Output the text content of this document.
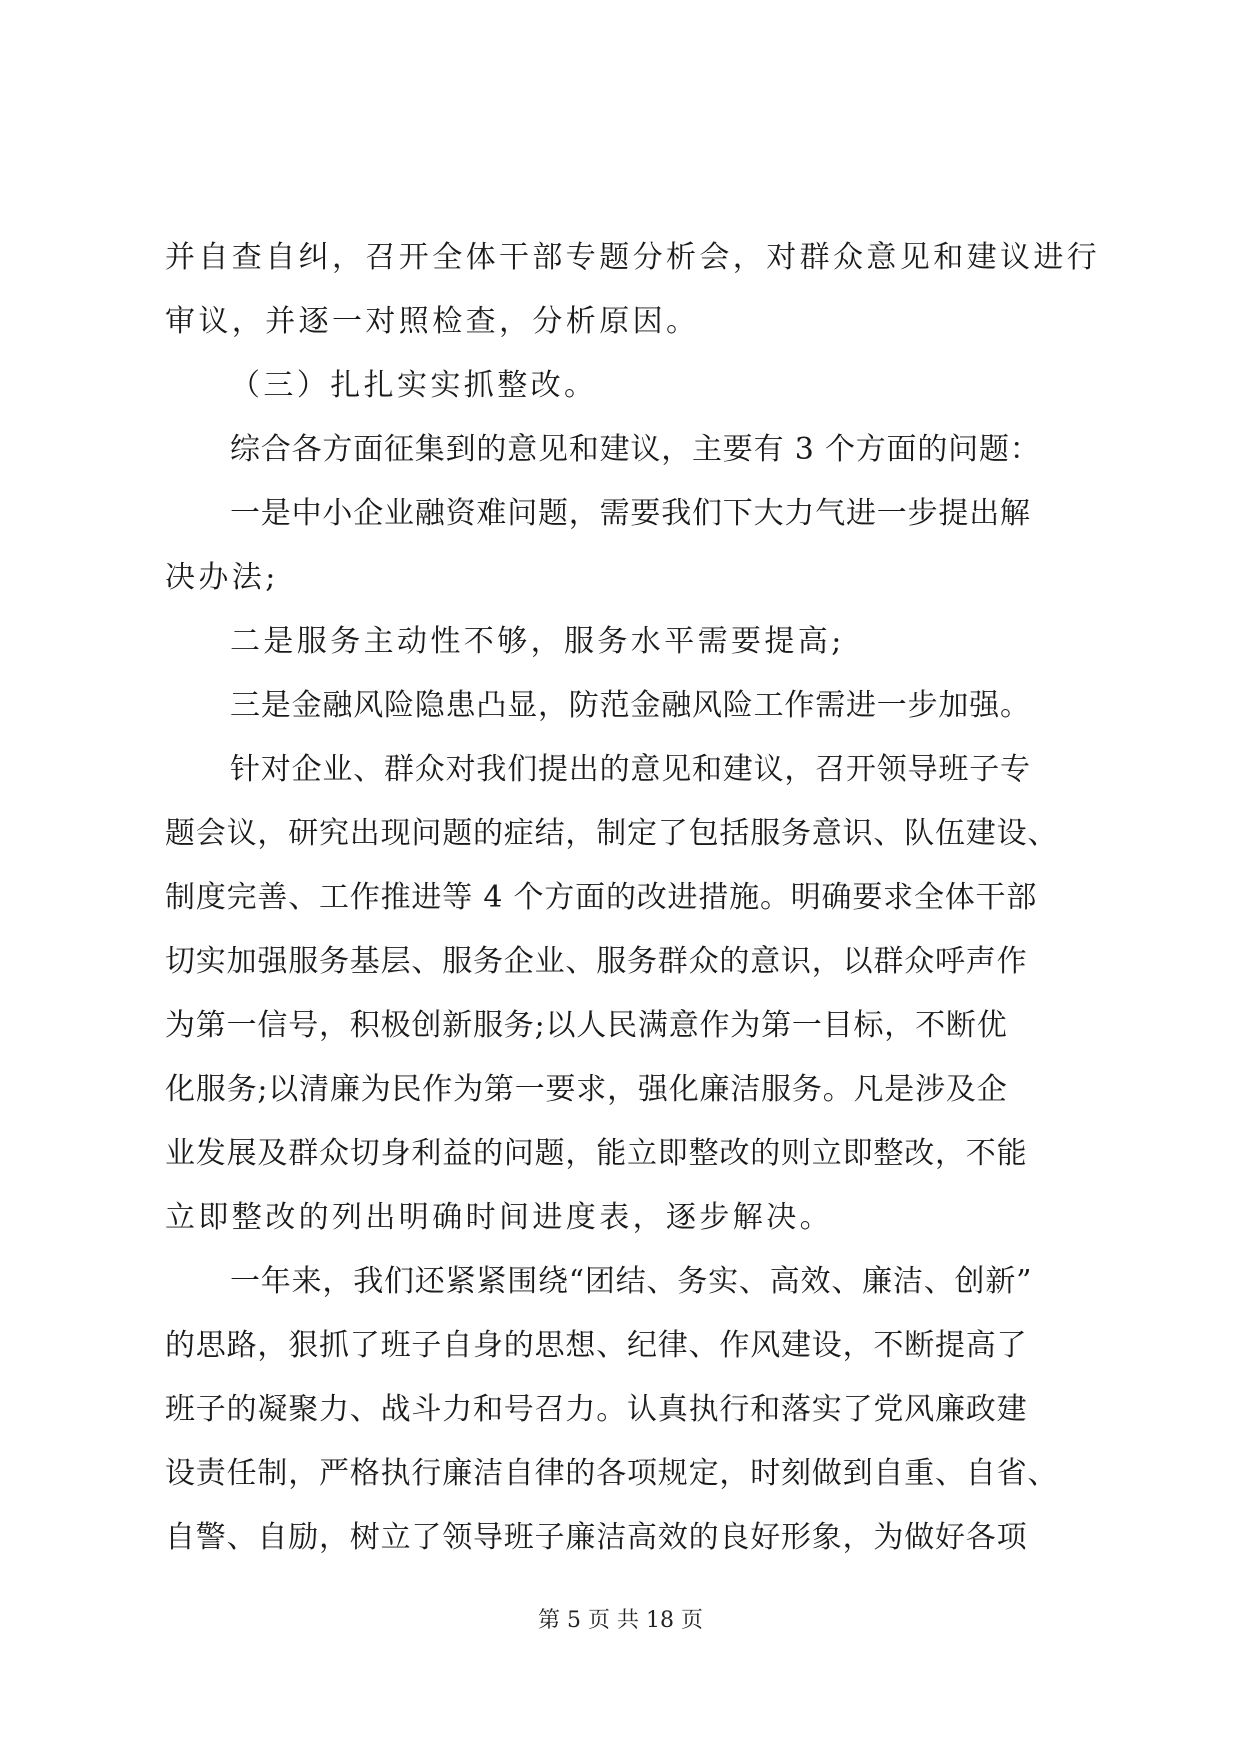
并自查自纠，召开全体干部专题分析会，对群众意见和建议进行
审议，并逐一对照检查，分析原因。
（三）扎扎实实抓整改。
综合各方面征集到的意见和建议，主要有 3 个方面的问题：
一是中小企业融资难问题，需要我们下大力气进一步提出解
决办法;
二是服务主动性不够，服务水平需要提高;
三是金融风险隐患凸显，防范金融风险工作需进一步加强。
针对企业、群众对我们提出的意见和建议，召开领导班子专
题会议，研究出现问题的症结，制定了包括服务意识、队伍建设、
制度完善、工作推进等 4 个方面的改进措施。明确要求全体干部
切实加强服务基层、服务企业、服务群众的意识，以群众呼声作
为第一信号，积极创新服务;以人民满意作为第一目标，不断优
化服务;以清廉为民作为第一要求，强化廉洁服务。凡是涉及企
业发展及群众切身利益的问题，能立即整改的则立即整改，不能
立即整改的列出明确时间进度表，逐步解决。
一年来，我们还紧紧围绕“团结、务实、高效、廉洁、创新”
的思路，狠抓了班子自身的思想、纪律、作风建设，不断提高了
班子的凝聚力、战斗力和号召力。认真执行和落实了党风廉政建
设责任制，严格执行廉洁自律的各项规定，时刻做到自重、自省、
自警、自励，树立了领导班子廉洁高效的良好形象，为做好各项
第 5 页 共 18 页
